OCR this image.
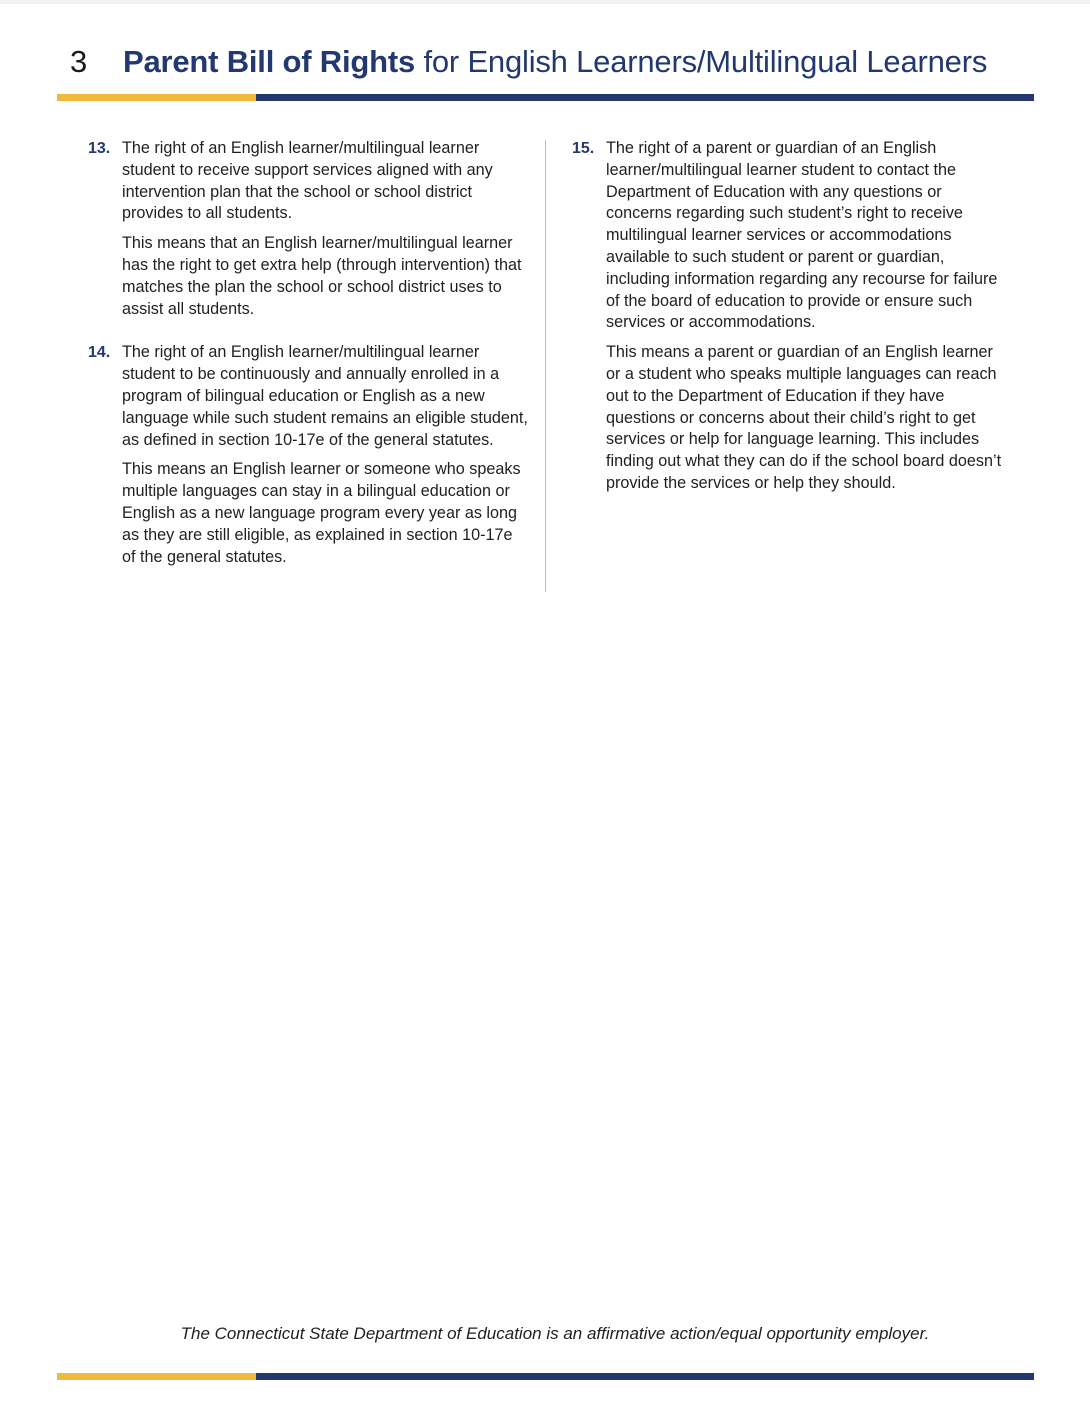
3 Parent Bill of Rights for English Learners/Multilingual Learners
13. The right of an English learner/multilingual learner student to receive support services aligned with any intervention plan that the school or school district provides to all students.

This means that an English learner/multilingual learner has the right to get extra help (through intervention) that matches the plan the school or school district uses to assist all students.

14. The right of an English learner/multilingual learner student to be continuously and annually enrolled in a program of bilingual education or English as a new language while such student remains an eligible student, as defined in section 10-17e of the general statutes.

This means an English learner or someone who speaks multiple languages can stay in a bilingual education or English as a new language program every year as long as they are still eligible, as explained in section 10-17e of the general statutes.

15. The right of a parent or guardian of an English learner/multilingual learner student to contact the Department of Education with any questions or concerns regarding such student’s right to receive multilingual learner services or accommodations available to such student or parent or guardian, including information regarding any recourse for failure of the board of education to provide or ensure such services or accommodations.

This means a parent or guardian of an English learner or a student who speaks multiple languages can reach out to the Department of Education if they have questions or concerns about their child’s right to get services or help for language learning. This includes finding out what they can do if the school board doesn’t provide the services or help they should.

The Connecticut State Department of Education is an affirmative action/equal opportunity employer.
